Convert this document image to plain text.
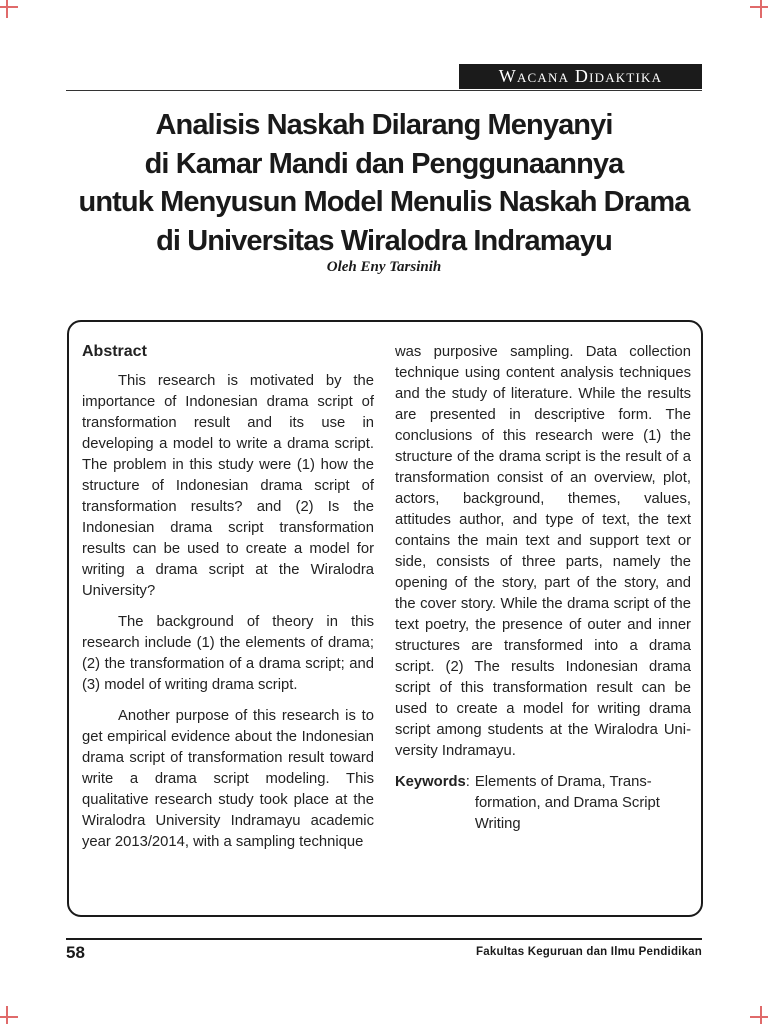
Wacana Didaktika
Analisis Naskah Dilarang Menyanyi
di Kamar Mandi dan Penggunaannya
untuk Menyusun Model Menulis Naskah Drama
di Universitas Wiralodra Indramayu
Oleh Eny Tarsinih
Abstract

This research is motivated by the importance of Indonesian drama script of transformation result and its use in developing a model to write a drama script. The problem in this study were (1) how the structure of Indonesian drama script of transformation results? and (2) Is the Indonesian drama script transformation results can be used to create a model for writing a drama script at the Wiralodra University?

The background of theory in this research include (1) the elements of drama; (2) the transformation of a drama script; and (3) model of writing drama script.

Another purpose of this research is to get empirical evidence about the Indonesian drama script of transformation result toward write a drama script modeling. This qualitative research study took place at the Wiralodra University Indramayu academic year 2013/2014, with a sampling technique

was purposive sampling. Data collection technique using content analysis techniques and the study of literature. While the results are presented in descriptive form. The conclusions of this research were (1) the structure of the drama script is the result of a transformation consist of an overview, plot, actors, background, themes, values, attitudes author, and type of text, the text contains the main text and support text or side, consists of three parts, namely the opening of the story, part of the story, and the cover story. While the drama script of the text poetry, the presence of outer and inner structures are transformed into a drama script. (2) The results Indonesian drama script of this transformation result can be used to create a model for writing drama script among students at the Wiralodra University Indramayu.

Keywords : Elements of Drama, Transformation, and Drama Script Writing
58	Fakultas Keguruan dan Ilmu Pendidikan
